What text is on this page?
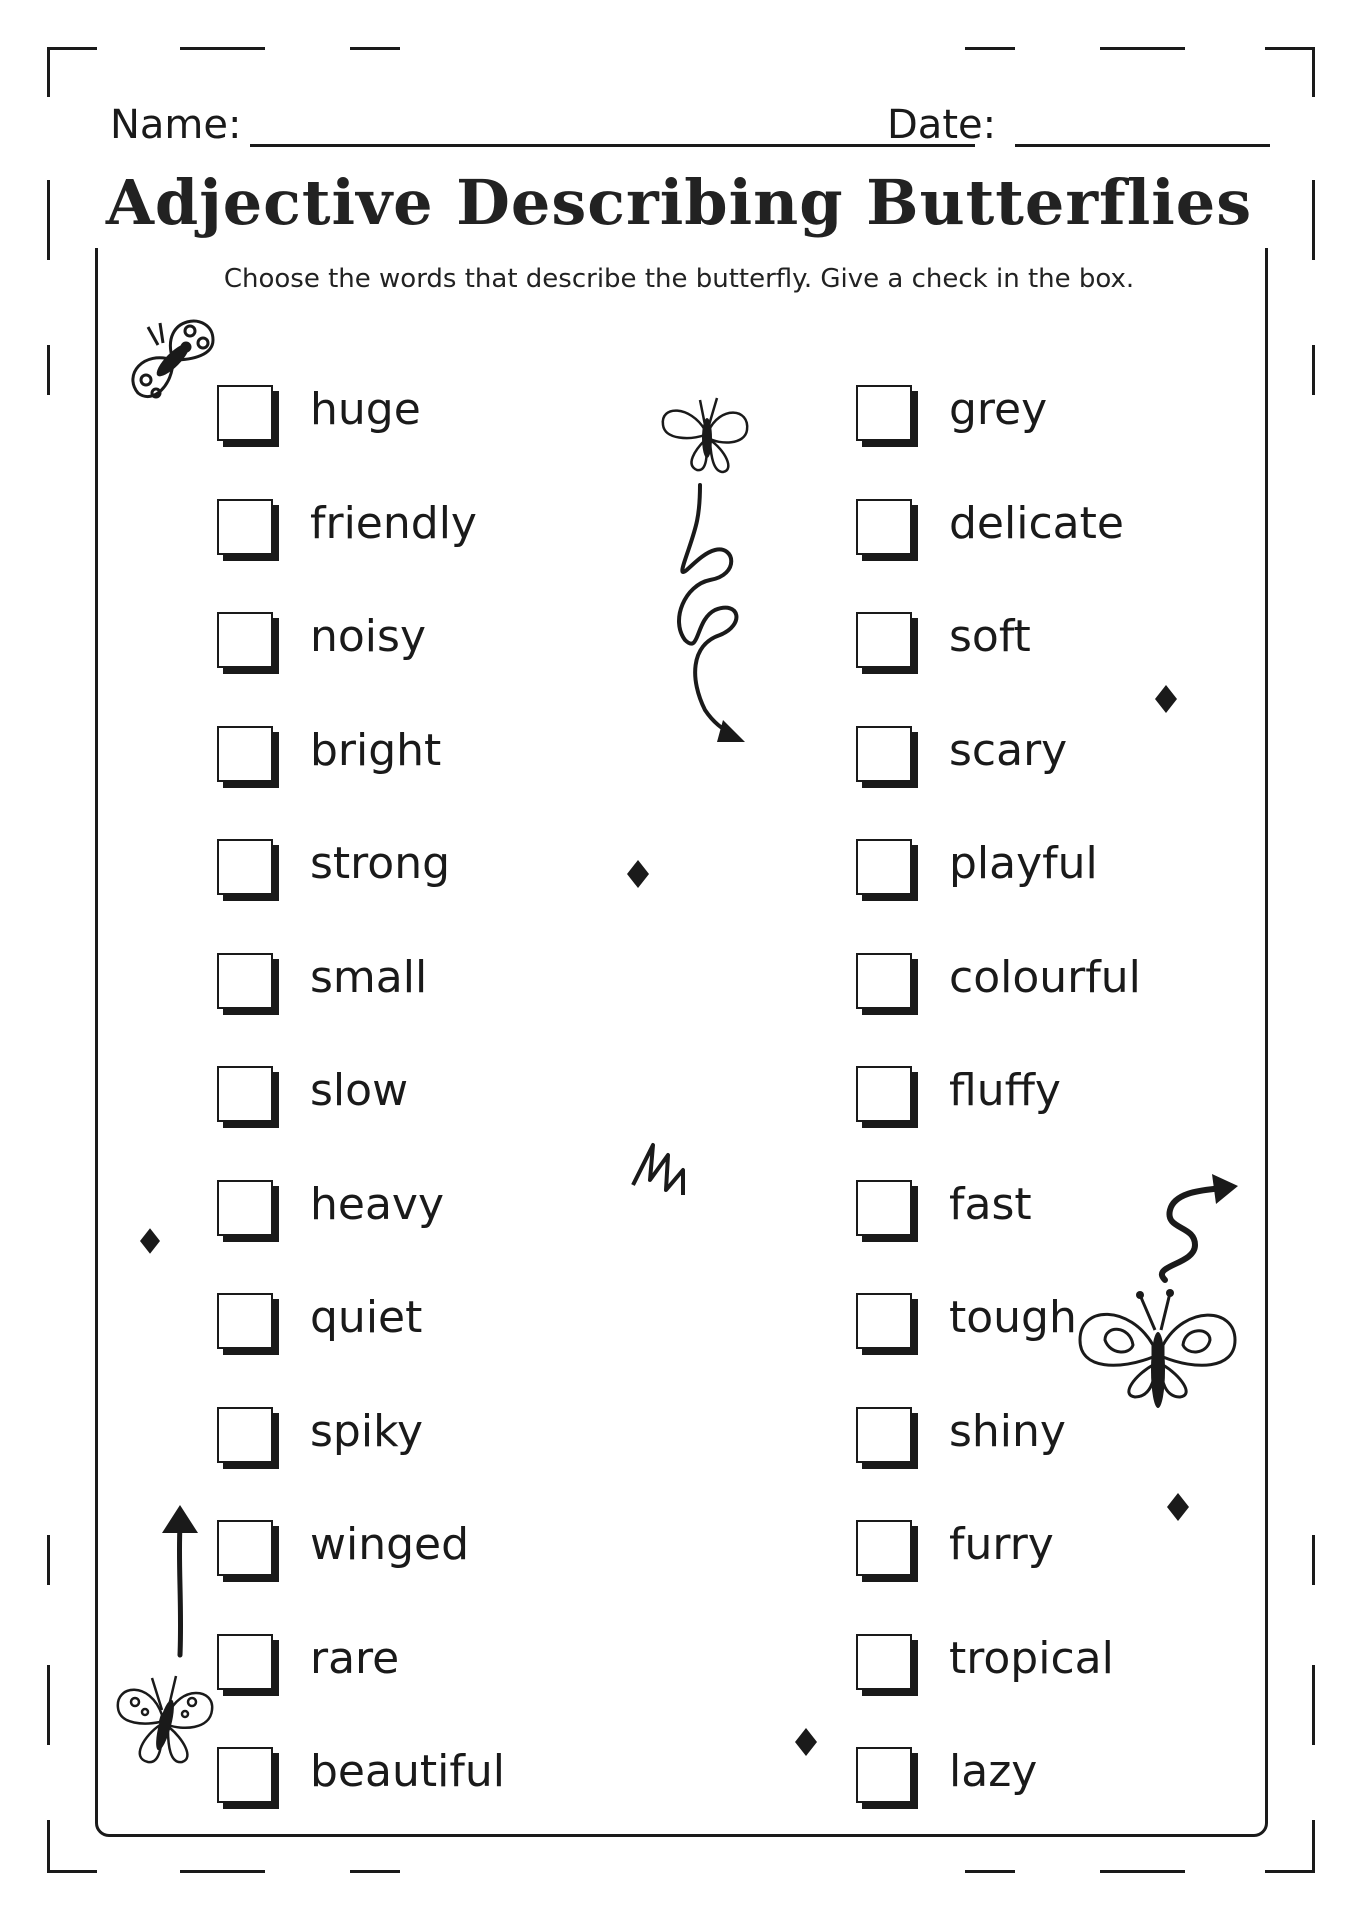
Name:	Date:
Adjective Describing Butterflies
Choose the words that describe the butterfly. Give a check in the box.
huge
friendly
noisy
bright
strong
small
slow
heavy
quiet
spiky
winged
rare
beautiful
grey
delicate
soft
scary
playful
colourful
fluffy
fast
tough
shiny
furry
tropical
lazy
